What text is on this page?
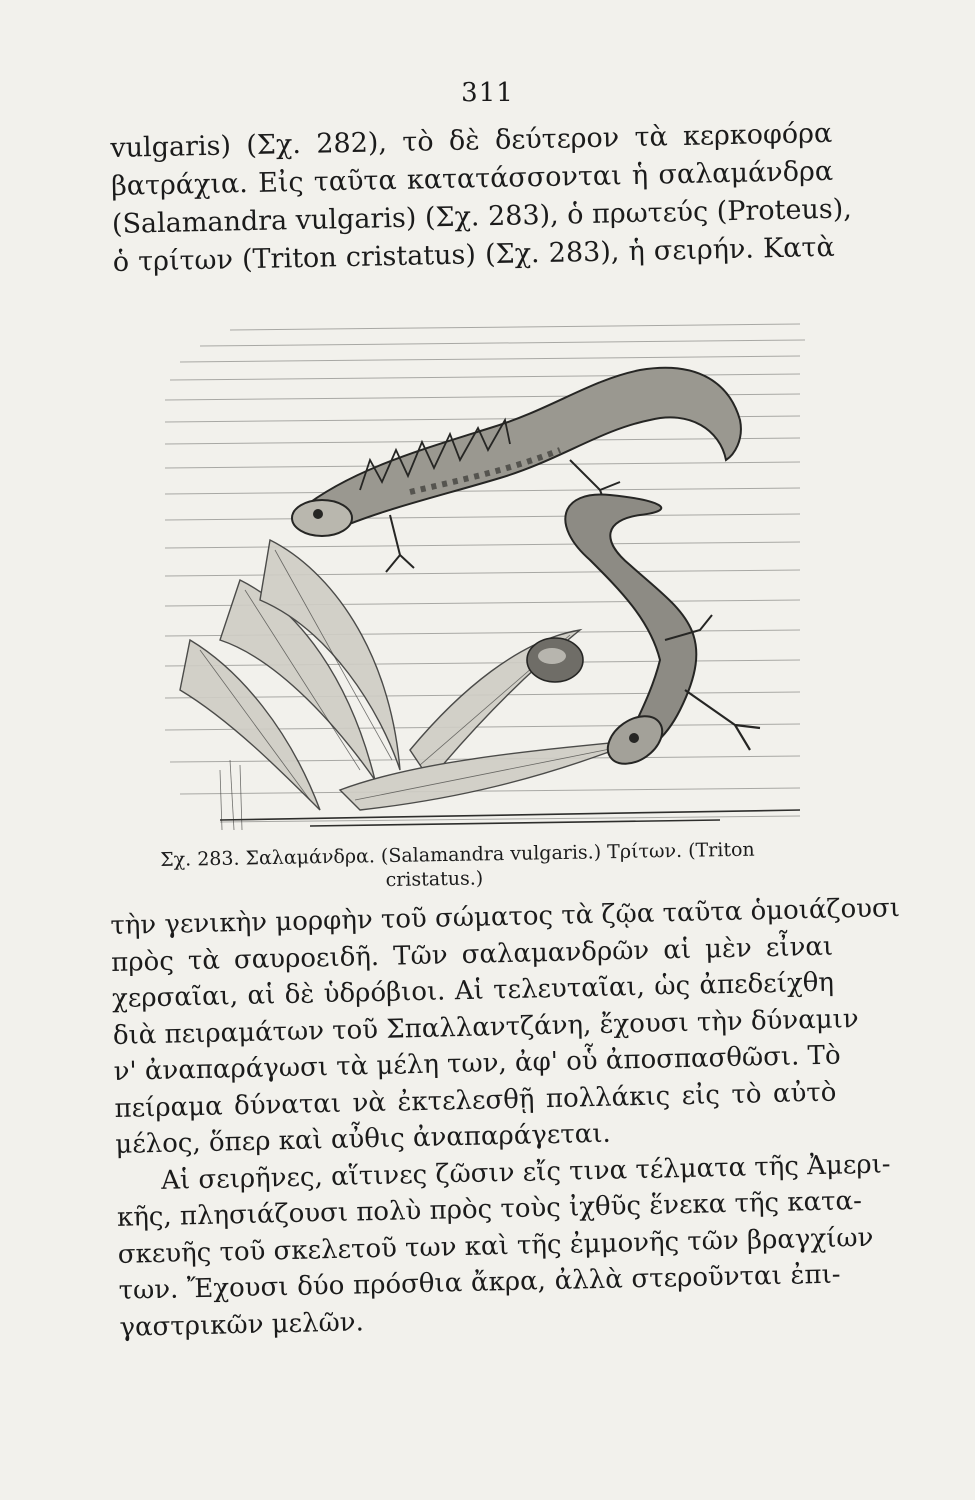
311
vulgaris) (Σχ. 282), τὸ δὲ δεύτερον τὰ κερκοφόρα
βατράχια. Εἰς ταῦτα κατατάσσονται ἡ σαλαμάνδρα
(Salamandra vulgaris) (Σχ. 283), ὁ πρωτεύς (Proteus),
ὁ τρίτων (Triton cristatus) (Σχ. 283), ἡ σειρήν. Κατὰ
Σχ. 283. Σαλαμάνδρα. (Salamandra vulgaris.) Τρίτων. (Triton
cristatus.)
τὴν γενικὴν μορφὴν τοῦ σώματος τὰ ζῷα ταῦτα ὁμοιάζουσι
πρὸς τὰ σαυροειδῆ. Τῶν σαλαμανδρῶν αἱ μὲν εἶναι
χερσαῖαι, αἱ δὲ ὑδρόβιοι. Αἱ τελευταῖαι, ὡς ἀπεδείχθη
διὰ πειραμάτων τοῦ Σπαλλαντζάνη, ἔχουσι τὴν δύναμιν
ν' ἀναπαράγωσι τὰ μέλη των, ἀφ' οὗ ἀποσπασθῶσι. Τὸ
πείραμα δύναται νὰ ἐκτελεσθῇ πολλάκις εἰς τὸ αὐτὸ
μέλος, ὅπερ καὶ αὖθις ἀναπαράγεται.
Αἱ σειρῆνες, αἵτινες ζῶσιν εἴς τινα τέλματα τῆς Ἀμερι-
κῆς, πλησιάζουσι πολὺ πρὸς τοὺς ἰχθῦς ἕνεκα τῆς κατα-
σκευῆς τοῦ σκελετοῦ των καὶ τῆς ἐμμονῆς τῶν βραγχίων
των. Ἔχουσι δύο πρόσθια ἄκρα, ἀλλὰ στεροῦνται ἐπι-
γαστρικῶν μελῶν.
